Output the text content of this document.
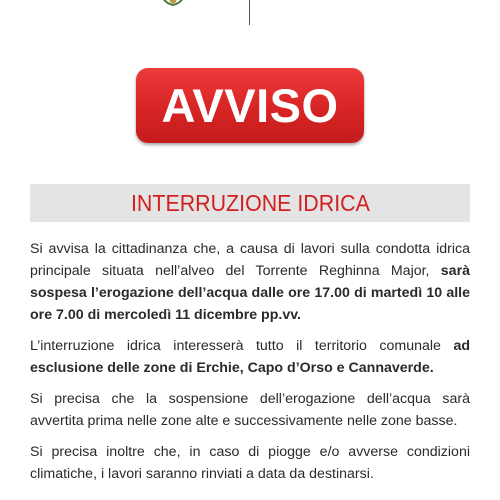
AVVISO
INTERRUZIONE IDRICA

Si avvisa la cittadinanza che, a causa di lavori sulla condotta idrica principale situata nell’alveo del Torrente Reghinna Major, sarà sospesa l’erogazione dell’acqua dalle ore 17.00 di martedì 10 alle ore 7.00 di mercoledì 11 dicembre pp.vv.

L’interruzione idrica interesserà tutto il territorio comunale ad esclusione delle zone di Erchie, Capo d’Orso e Cannaverde.

Si precisa che la sospensione dell’erogazione dell’acqua sarà avvertita prima nelle zone alte e successivamente nelle zone basse.

Si precisa inoltre che, in caso di piogge e/o avverse condizioni climatiche, i lavori saranno rinviati a data da destinarsi.
